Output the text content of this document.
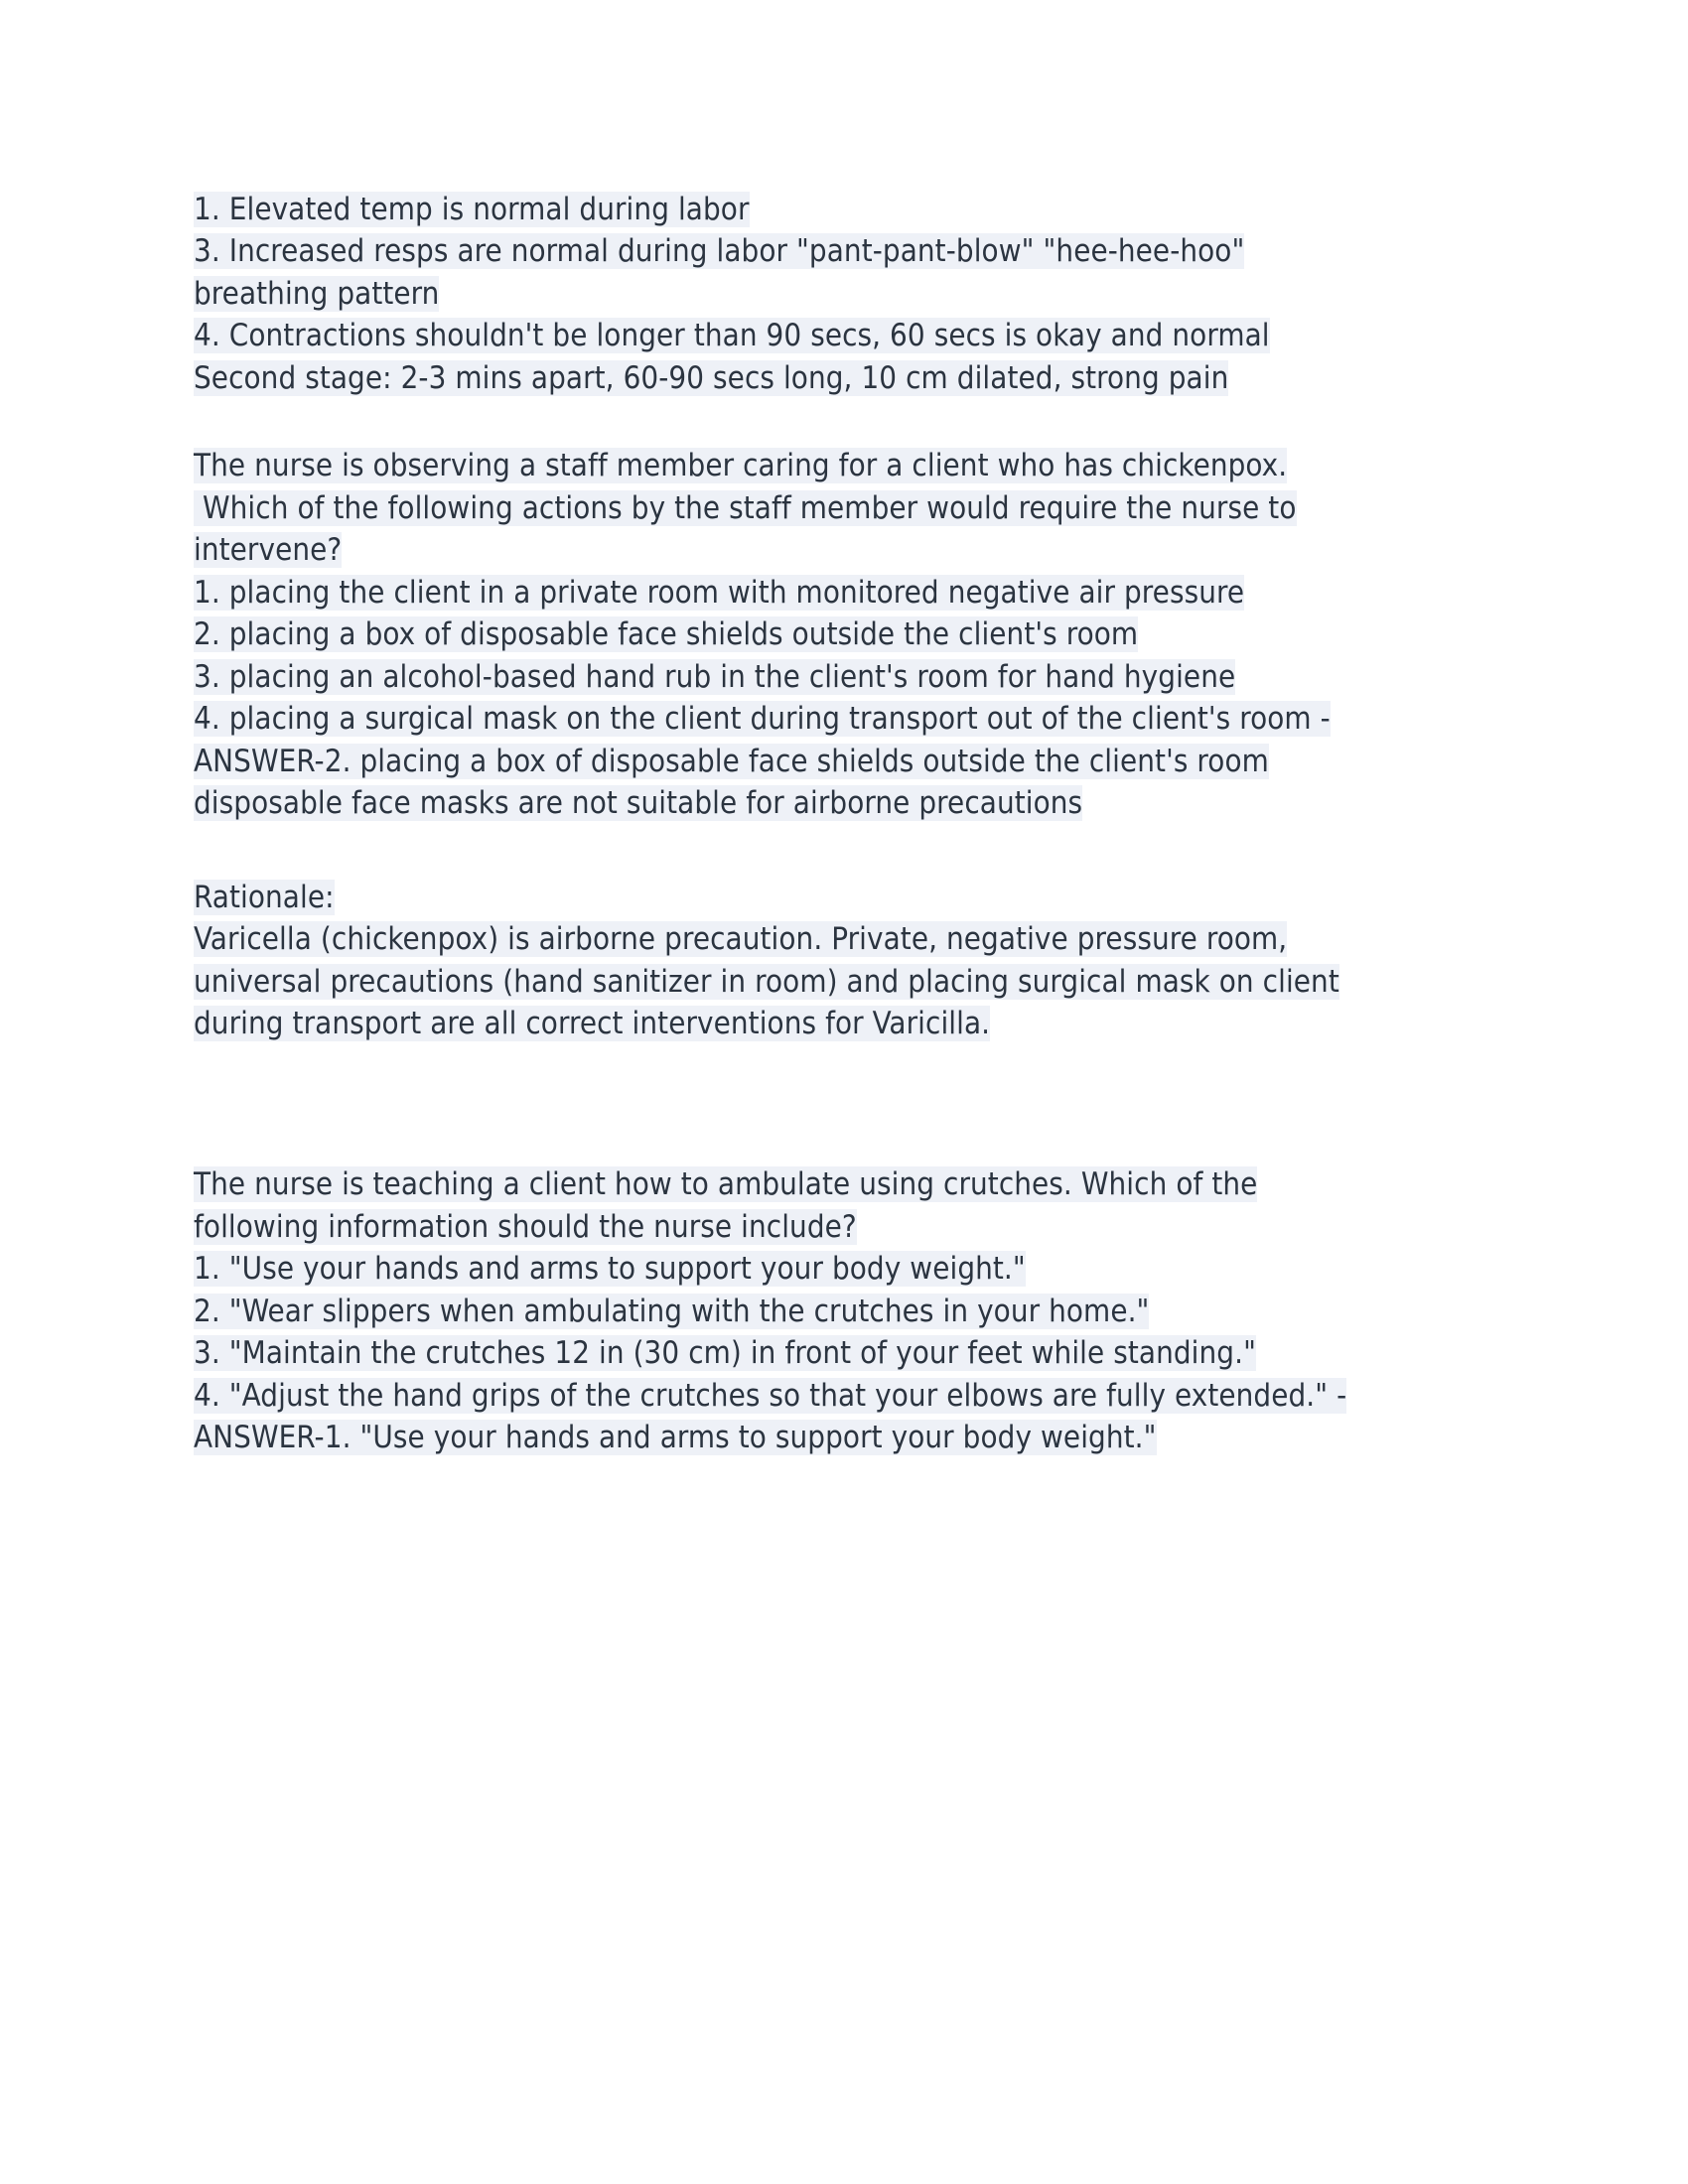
1. Elevated temp is normal during labor
3. Increased resps are normal during labor "pant-pant-blow" "hee-hee-hoo"
breathing pattern
4. Contractions shouldn't be longer than 90 secs, 60 secs is okay and normal
Second stage: 2-3 mins apart, 60-90 secs long, 10 cm dilated, strong pain

The nurse is observing a staff member caring for a client who has chickenpox.
Which of the following actions by the staff member would require the nurse to
intervene?
1. placing the client in a private room with monitored negative air pressure
2. placing a box of disposable face shields outside the client's room
3. placing an alcohol-based hand rub in the client's room for hand hygiene
4. placing a surgical mask on the client during transport out of the client's room -
ANSWER-2. placing a box of disposable face shields outside the client's room
disposable face masks are not suitable for airborne precautions

Rationale:
Varicella (chickenpox) is airborne precaution. Private, negative pressure room,
universal precautions (hand sanitizer in room) and placing surgical mask on client
during transport are all correct interventions for Varicilla.

The nurse is teaching a client how to ambulate using crutches. Which of the
following information should the nurse include?
1. "Use your hands and arms to support your body weight."
2. "Wear slippers when ambulating with the crutches in your home."
3. "Maintain the crutches 12 in (30 cm) in front of your feet while standing."
4. "Adjust the hand grips of the crutches so that your elbows are fully extended." -
ANSWER-1. "Use your hands and arms to support your body weight."
